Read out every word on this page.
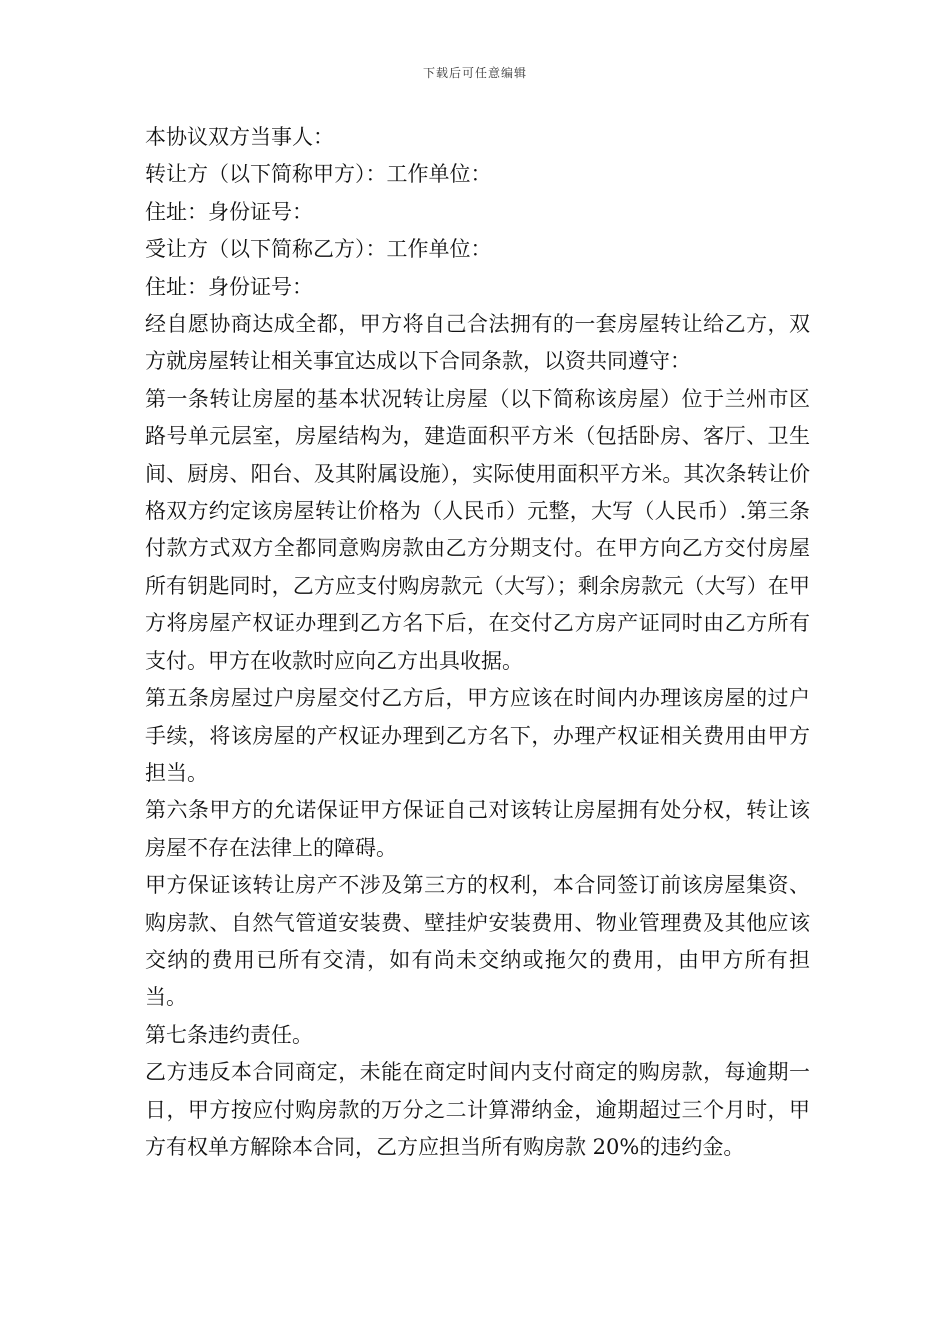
下载后可任意编辑

本协议双方当事人：

转让方（以下简称甲方）：工作单位：

住址：身份证号：

受让方（以下简称乙方）：工作单位：

住址：身份证号：

经自愿协商达成全都，甲方将自己合法拥有的一套房屋转让给乙方，双方就房屋转让相关事宜达成以下合同条款，以资共同遵守：

第一条转让房屋的基本状况转让房屋（以下简称该房屋）位于兰州市区路号单元层室，房屋结构为，建造面积平方米（包括卧房、客厅、卫生间、厨房、阳台、及其附属设施），实际使用面积平方米。其次条转让价格双方约定该房屋转让价格为（人民币）元整，大写（人民币）.第三条付款方式双方全都同意购房款由乙方分期支付。在甲方向乙方交付房屋所有钥匙同时，乙方应支付购房款元（大写）；剩余房款元（大写）在甲方将房屋产权证办理到乙方名下后，在交付乙方房产证同时由乙方所有支付。甲方在收款时应向乙方出具收据。

第五条房屋过户房屋交付乙方后，甲方应该在时间内办理该房屋的过户手续，将该房屋的产权证办理到乙方名下，办理产权证相关费用由甲方担当。

第六条甲方的允诺保证甲方保证自己对该转让房屋拥有处分权，转让该房屋不存在法律上的障碍。

甲方保证该转让房产不涉及第三方的权利，本合同签订前该房屋集资、购房款、自然气管道安装费、壁挂炉安装费用、物业管理费及其他应该交纳的费用已所有交清，如有尚未交纳或拖欠的费用，由甲方所有担当。

第七条违约责任。

乙方违反本合同商定，未能在商定时间内支付商定的购房款，每逾期一日，甲方按应付购房款的万分之二计算滞纳金，逾期超过三个月时，甲方有权单方解除本合同，乙方应担当所有购房款 20%的违约金。
